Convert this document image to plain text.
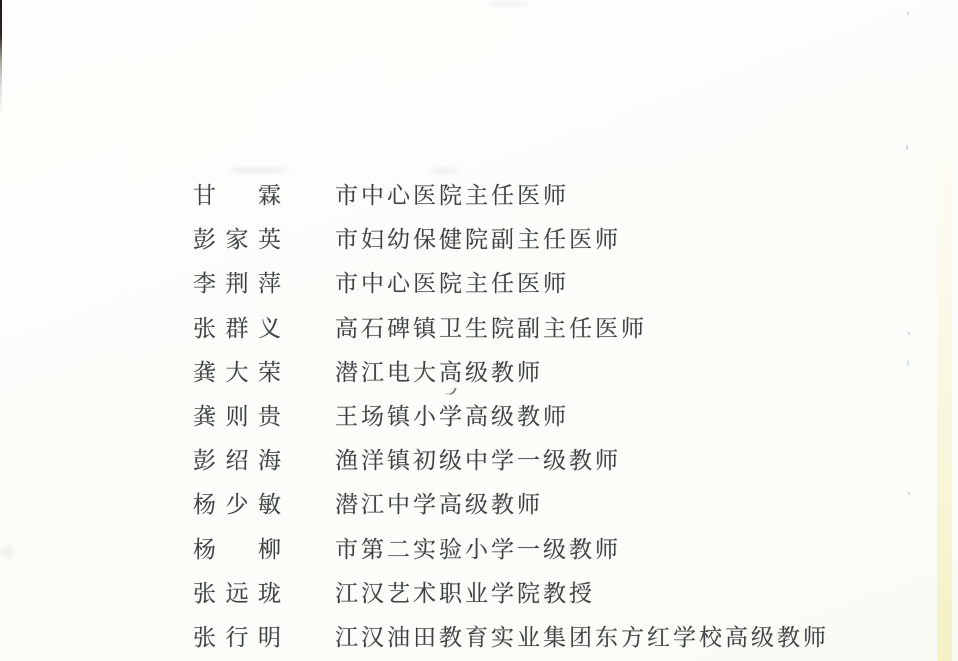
甘霖 市中心医院主任医师
彭家英 市妇幼保健院副主任医师
李荆萍 市中心医院主任医师
张群义 高石碑镇卫生院副主任医师
龚大荣 潜江电大高级教师
龚则贵 王场镇小学高级教师
彭绍海 渔洋镇初级中学一级教师
杨少敏 潜江中学高级教师
杨柳 市第二实验小学一级教师
张远珑 江汉艺术职业学院教授
张行明 江汉油田教育实业集团东方红学校高级教师
